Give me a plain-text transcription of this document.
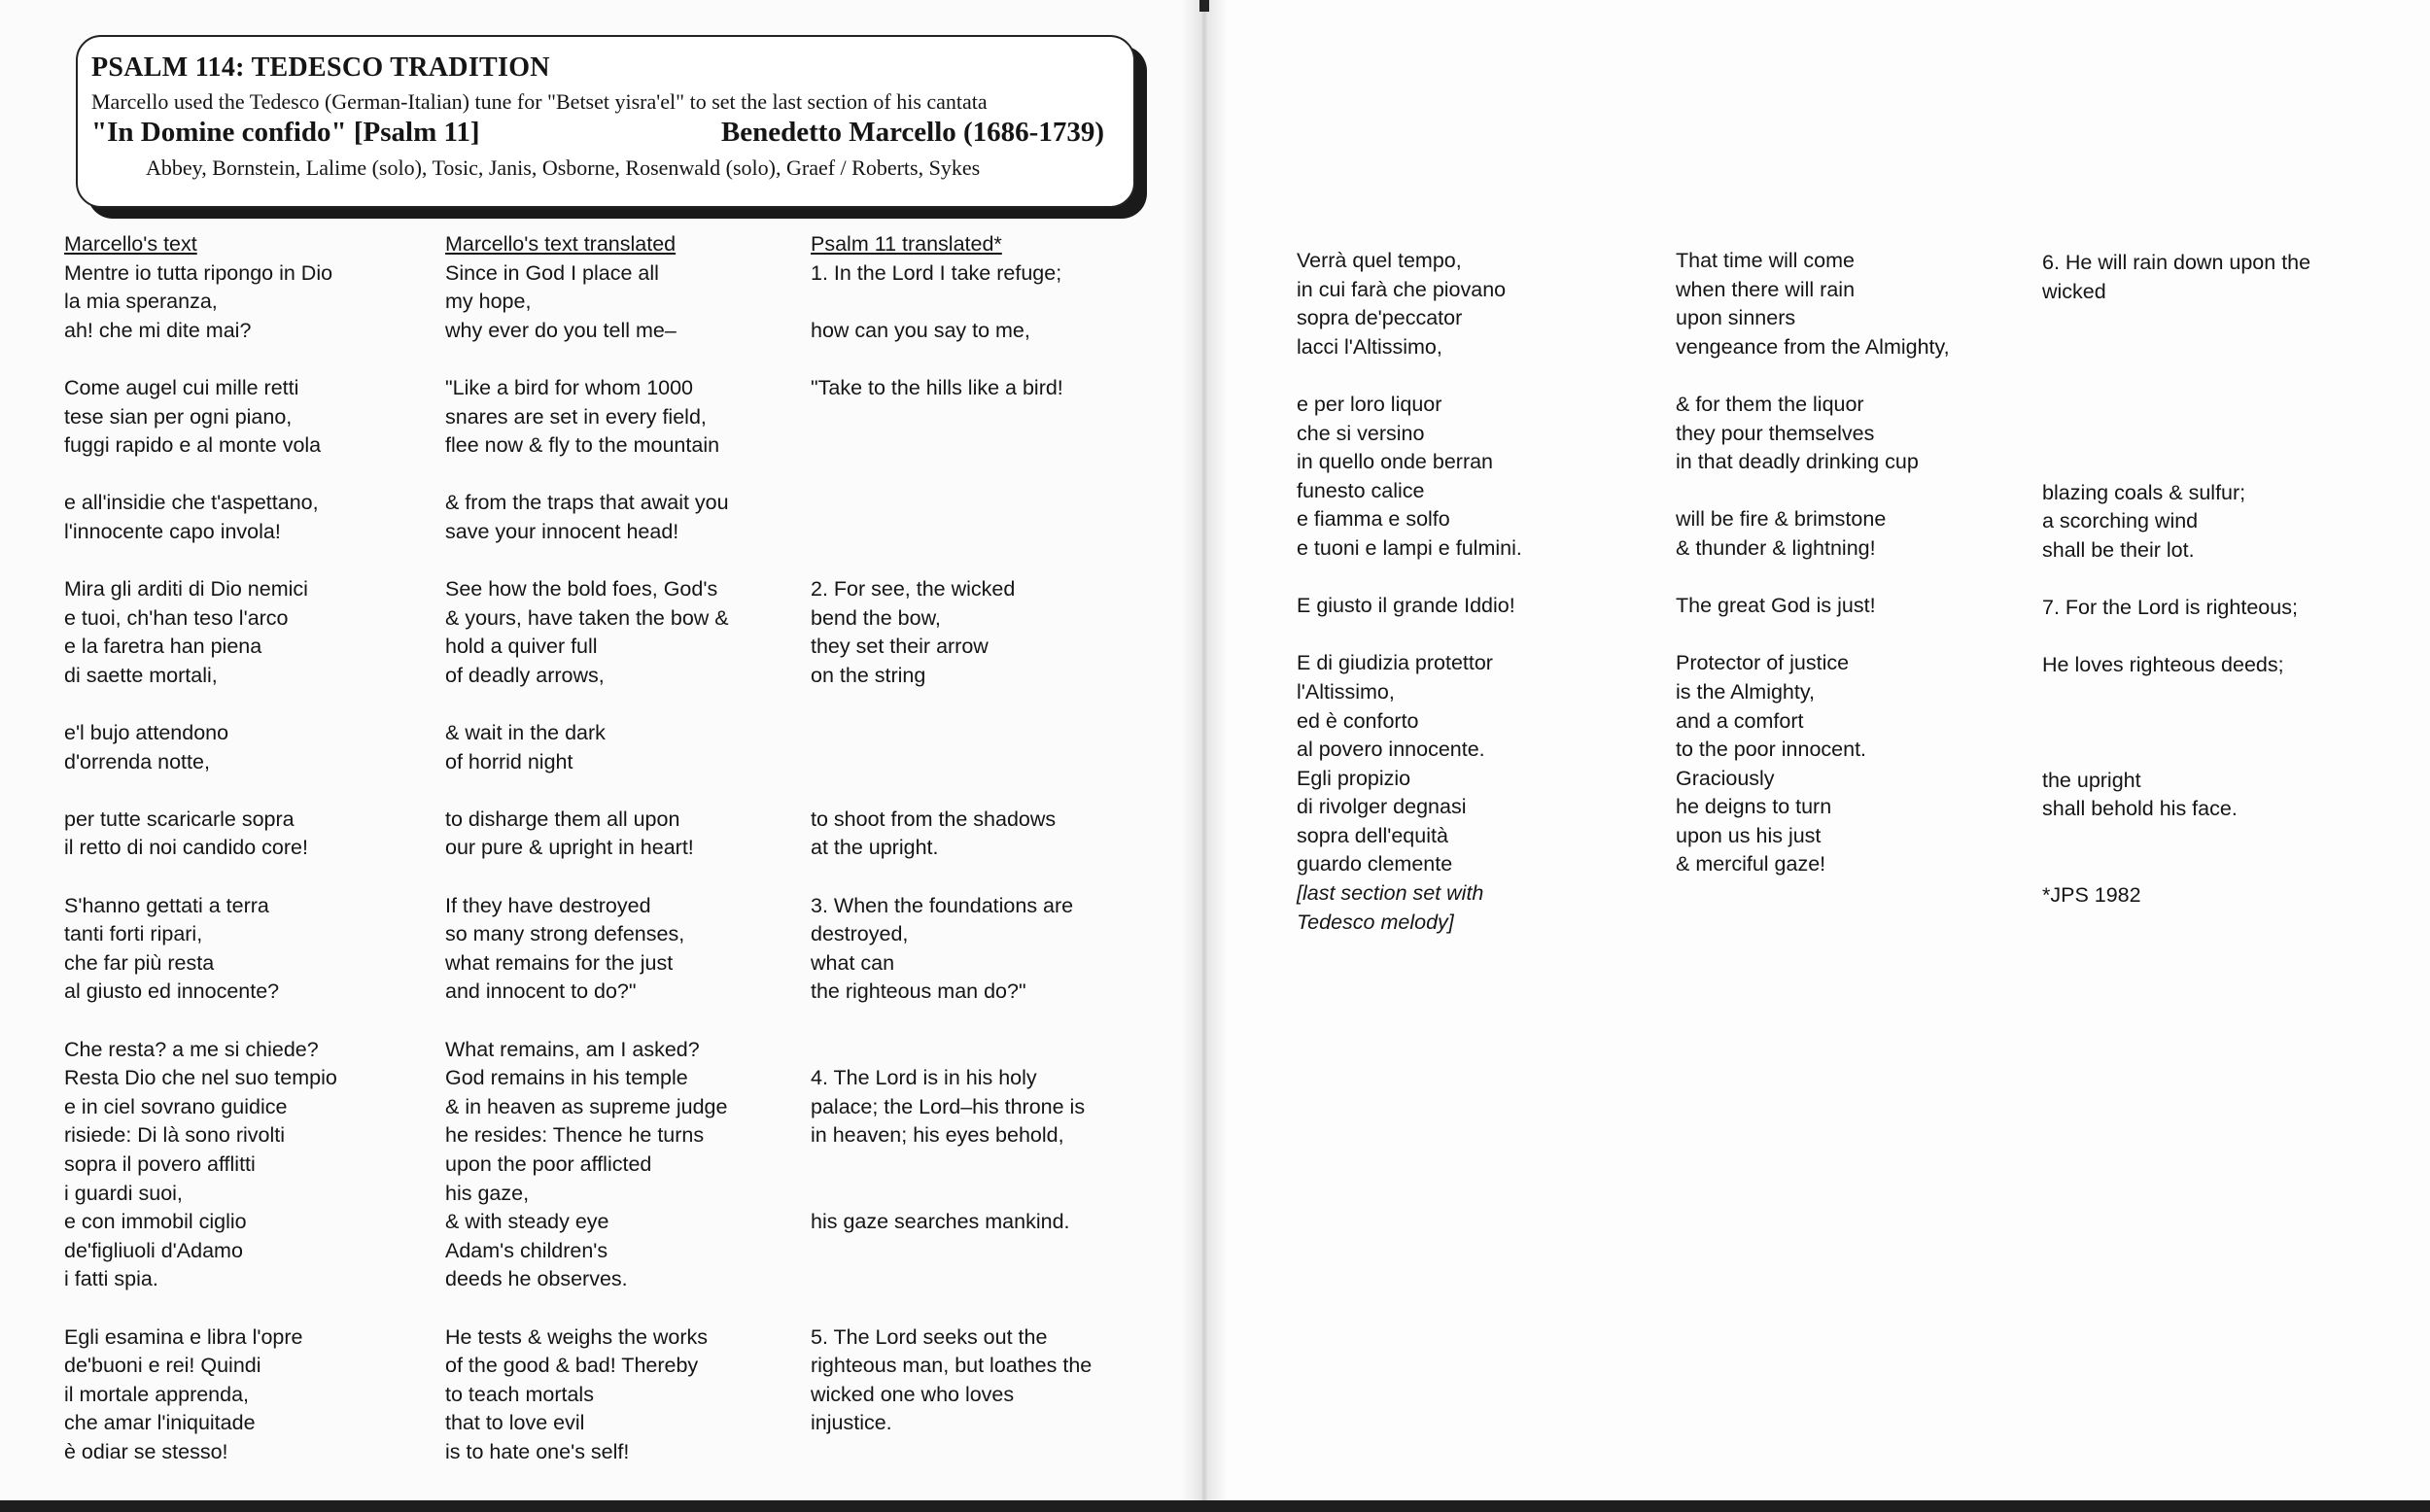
PSALM 114: TEDESCO TRADITION
Marcello used the Tedesco (German-Italian) tune for "Betset yisra'el" to set the last section of his cantata
"In Domine confido" [Psalm 11]	Benedetto Marcello (1686-1739)
Abbey, Bornstein, Lalime (solo), Tosic, Janis, Osborne, Rosenwald (solo), Graef / Roberts, Sykes
Marcello's text
Mentre io tutta ripongo in Dio
la mia speranza,
ah! che mi dite mai?
Come augel cui mille retti
tese sian per ogni piano,
fuggi rapido e al monte vola
e all'insidie che t'aspettano,
l'innocente capo invola!
Mira gli arditi di Dio nemici
e tuoi, ch'han teso l'arco
e la faretra han piena
di saette mortali,
e'l bujo attendono
d'orrenda notte,
per tutte scaricarle sopra
il retto di noi candido core!
S'hanno gettati a terra
tanti forti ripari,
che far più resta
al giusto ed innocente?
Che resta? a me si chiede?
Resta Dio che nel suo tempio
e in ciel sovrano guidice
risiede: Di là sono rivolti
sopra il povero afflitti
i guardi suoi,
e con immobil ciglio
de'figliuoli d'Adamo
i fatti spia.
Egli esamina e libra l'opre
de'buoni e rei! Quindi
il mortale apprenda,
che amar l'iniquitade
è odiar se stesso!
Marcello's text translated
Since in God I place all
my hope,
why ever do you tell me–
"Like a bird for whom 1000
snares are set in every field,
flee now & fly to the mountain
& from the traps that await you
save your innocent head!
See how the bold foes, God's
& yours, have taken the bow &
hold a quiver full
of deadly arrows,
& wait in the dark
of horrid night
to disharge them all upon
our pure & upright in heart!
If they have destroyed
so many strong defenses,
what remains for the just
and innocent to do?"
What remains, am I asked?
God remains in his temple
& in heaven as supreme judge
he resides: Thence he turns
upon the poor afflicted
his gaze,
& with steady eye
Adam's children's
deeds he observes.
He tests & weighs the works
of the good & bad! Thereby
to teach mortals
that to love evil
is to hate one's self!
Psalm 11 translated*
1. In the Lord I take refuge;
how can you say to me,
"Take to the hills like a bird!
2. For see, the wicked
bend the bow,
they set their arrow
on the string
to shoot from the shadows
at the upright.
3. When the foundations are
destroyed,
what can
the righteous man do?"
4. The Lord is in his holy
palace; the Lord–his throne is
in heaven; his eyes behold,
his gaze searches mankind.
5. The Lord seeks out the
righteous man, but loathes the
wicked one who loves
injustice.
Verrà quel tempo,
in cui farà che piovano
sopra de'peccator
lacci l'Altissimo,
e per loro liquor
che si versino
in quello onde berran
funesto calice
e fiamma e solfo
e tuoni e lampi e fulmini.
E giusto il grande Iddio!
E di giudizia protettor
l'Altissimo,
ed è conforto
al povero innocente.
Egli propizio
di rivolger degnasi
sopra dell'equità
guardo clemente
[last section set with
Tedesco melody]
That time will come
when there will rain
upon sinners
vengeance from the Almighty,
& for them the liquor
they pour themselves
in that deadly drinking cup
will be fire & brimstone
& thunder & lightning!
The great God is just!
Protector of justice
is the Almighty,
and a comfort
to the poor innocent.
Graciously
he deigns to turn
upon us his just
& merciful gaze!
6. He will rain down upon the
wicked
blazing coals & sulfur;
a scorching wind
shall be their lot.
7. For the Lord is righteous;
He loves righteous deeds;
the upright
shall behold his face.
*JPS 1982
